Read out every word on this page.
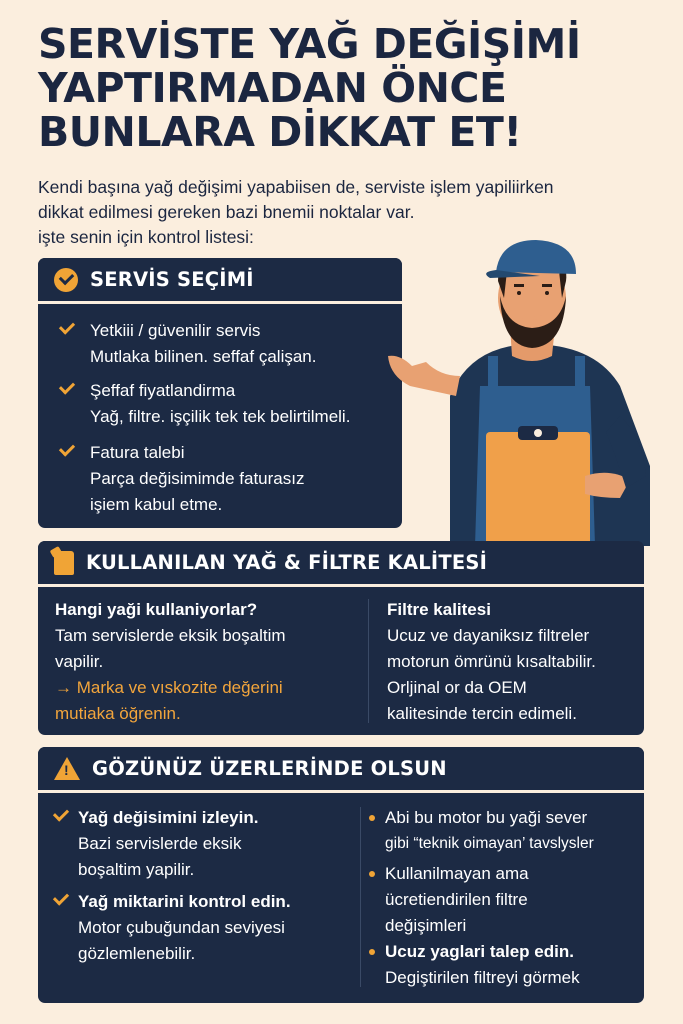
SERVİSTE YAĞ DEĞİŞİMİ
YAPTIRMADAN ÖNCE
BUNLARA DİKKAT ET!
Kendi başına yağ değişimi yapabiisen de, serviste işlem yapiliirken
dikkat edilmesi gereken bazi bnemii noktalar var.
işte senin için kontrol listesi:
SERVİS SEÇİMİ
Yetkiii / güvenilir servis
Mutlaka bilinen. seffaf çalişan.
Şeffaf fiyatlandirma
Yağ, filtre. işçilik tek tek belirtilmeli.
Fatura talebi
Parça değisimimde faturasız
işiem kabul etme.
KULLANILAN YAĞ & FİLTRE KALİTESİ
Hangi yaği kullaniyorlar?
Tam servislerde eksik boşaltim
vapilir.
→ Marka ve vıskozite değerini
mutiaka öğrenin.
Filtre kalitesi
Ucuz ve dayaniksız filtreler
motorun ömrünü kısaltabilir.
Orljinal or da OEM
kalitesinde tercin edimeli.
! GÖZÜNÜZ ÜZERLERİNDE OLSUN
Yağ değisimini izleyin.
Bazi servislerde eksik
boşaltim yapilir.
Yağ miktarini kontrol edin.
Motor çubuğundan seviyesi
gözlemlenebilir.
Abi bu motor bu yaği sever
gibi “teknik oimayan’ tavslysler
Kullanilmayan ama
ücretiendirilen filtre
değişimleri
Ucuz yaglari talep edin.
Degiştirilen filtreyi görmek
